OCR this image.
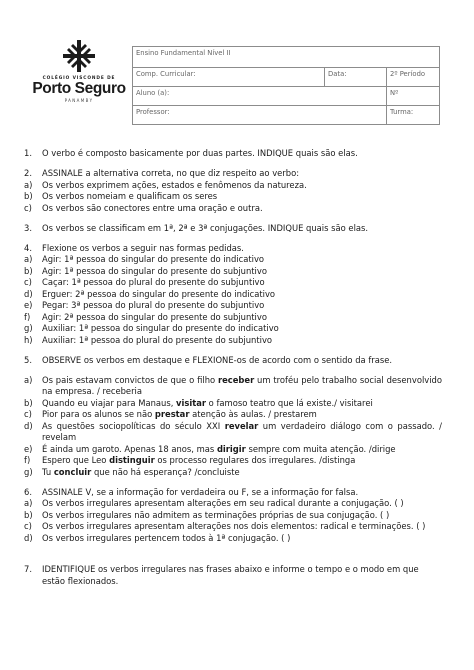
COLÉGIO VISCONDE DE
Porto Seguro
PANAMBY
Ensino Fundamental Nível II		
Comp. Curricular:	Data:	2º Período
Aluno (a):		Nº
Professor:		Turma:
1.	O verbo é composto basicamente por duas partes. INDIQUE quais são elas.
2.	ASSINALE a alternativa correta, no que diz respeito ao verbo:
a)	Os verbos exprimem ações, estados e fenômenos da natureza.
b)	Os verbos nomeiam e qualificam os seres
c)	Os verbos são conectores entre uma oração e outra.
3.	Os verbos se classificam em 1ª, 2ª e 3ª conjugações. INDIQUE quais são elas.
4.	Flexione os verbos a seguir nas formas pedidas.
a)	Agir: 1ª pessoa do singular do presente do indicativo
b)	Agir: 1ª pessoa do singular do presente do subjuntivo
c)	Caçar: 1ª pessoa do plural do presente do subjuntivo
d)	Erguer: 2ª pessoa do singular do presente do indicativo
e)	Pegar: 3ª pessoa do plural do presente do subjuntivo
f)	Agir: 2ª pessoa do singular do presente do subjuntivo
g)	Auxiliar: 1ª pessoa do singular do presente do indicativo
h)	Auxiliar: 1ª pessoa do plural do presente do subjuntivo
5.	OBSERVE os verbos em destaque e FLEXIONE-os de acordo com o sentido da frase.
a)	Os pais estavam convictos de que o filho receber um troféu pelo trabalho social desenvolvido na empresa. / receberia
b)	Quando eu viajar para Manaus, visitar o famoso teatro que lá existe./ visitarei
c)	Pior para os alunos se não prestar atenção às aulas. / prestarem
d)	As questões sociopolíticas do século XXI revelar um verdadeiro diálogo com o passado. / revelam
e)	É ainda um garoto. Apenas 18 anos, mas dirigir sempre com muita atenção. /dirige
f)	Espero que Leo distinguir os processo regulares dos irregulares. /distinga
g)	Tu concluir que não há esperança? /concluiste
6.	ASSINALE V, se a informação for verdadeira ou F, se a informação for falsa.
a)	Os verbos irregulares apresentam alterações em seu radical durante a conjugação. ( )
b)	Os verbos irregulares não admitem as terminações próprias de sua conjugação. ( )
c)	Os verbos irregulares apresentam alterações nos dois elementos: radical e terminações. ( )
d)	Os verbos irregulares pertencem todos à 1ª conjugação. ( )
7.	IDENTIFIQUE os verbos irregulares nas frases abaixo e informe o tempo e o modo em que estão flexionados.
